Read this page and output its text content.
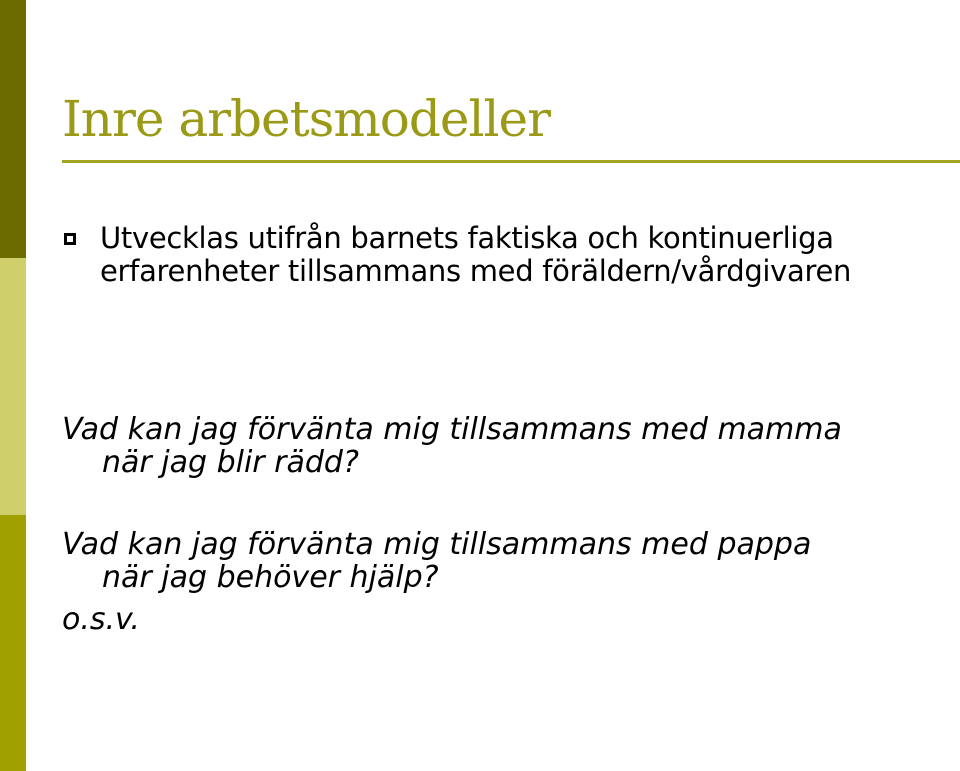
Inre arbetsmodeller

Utvecklas utifrån barnets faktiska och kontinuerliga erfarenheter tillsammans med föräldern/vårdgivaren

Vad kan jag förvänta mig tillsammans med mamma
när jag blir rädd?

Vad kan jag förvänta mig tillsammans med pappa
när jag behöver hjälp?

o.s.v.
